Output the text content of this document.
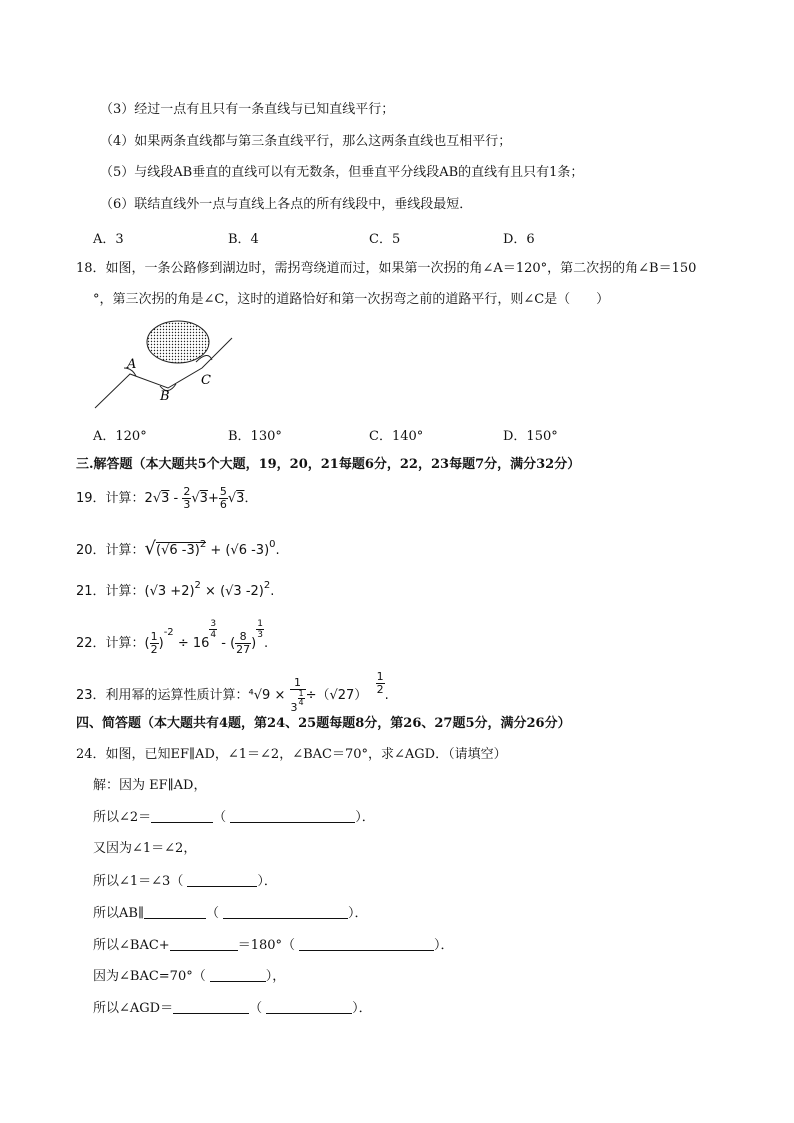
（3）经过一点有且只有一条直线与已知直线平行；
（4）如果两条直线都与第三条直线平行，那么这两条直线也互相平行；
（5）与线段AB垂直的直线可以有无数条，但垂直平分线段AB的直线有且只有1条；
（6）联结直线外一点与直线上各点的所有线段中，垂线段最短．
A．3	B．4	C．5	D．6
18．如图，一条公路修到湖边时，需拐弯绕道而过，如果第一次拐的角∠A＝120°，第二次拐的角∠B＝150
°，第三次拐的角是∠C，这时的道路恰好和第一次拐弯之前的道路平行，则∠C是（　　）
A
B
C
A．120°	B．130°	C．140°	D．150°
三.解答题（本大题共5个大题，19，20，21每题6分，22，23每题7分，满分32分）
19．计算：$2√3 - \frac{2}{3} √3+ \frac{5}{6} √3$．
20．计算：√(√6 -3)$^2$ + (√6 -3)$^0$.
21．计算：$(√3 +2)^2 \times (√3$ -2)$^2$.
22．计算：( $\frac{1}{2} )^{-2} \div 16$
$\frac{3}{4}$
- ( $\frac{8}{27}$ )
$\frac{1}{3}$
.
23．利用幂的运算性质计算：⁴√9 × 1
3
$\frac{1}{4} \div(√27) \frac{1}{2}$ .
四、简答题（本大题共有4题，第24、25题每题8分，第26、27题5分，满分26分）
24．如图，已知EF∥AD，∠1＝∠2，∠BAC＝70°，求∠AGD．（请填空）
解：因为 EF∥AD，
所以∠2＝	（	）．
又因为∠1＝∠2，
所以∠1＝∠3（	）．
所以AB∥	（	）．
所以∠BAC+	＝180°（	）．
因为∠BAC=70°（	），
所以∠AGD＝	（	）．
